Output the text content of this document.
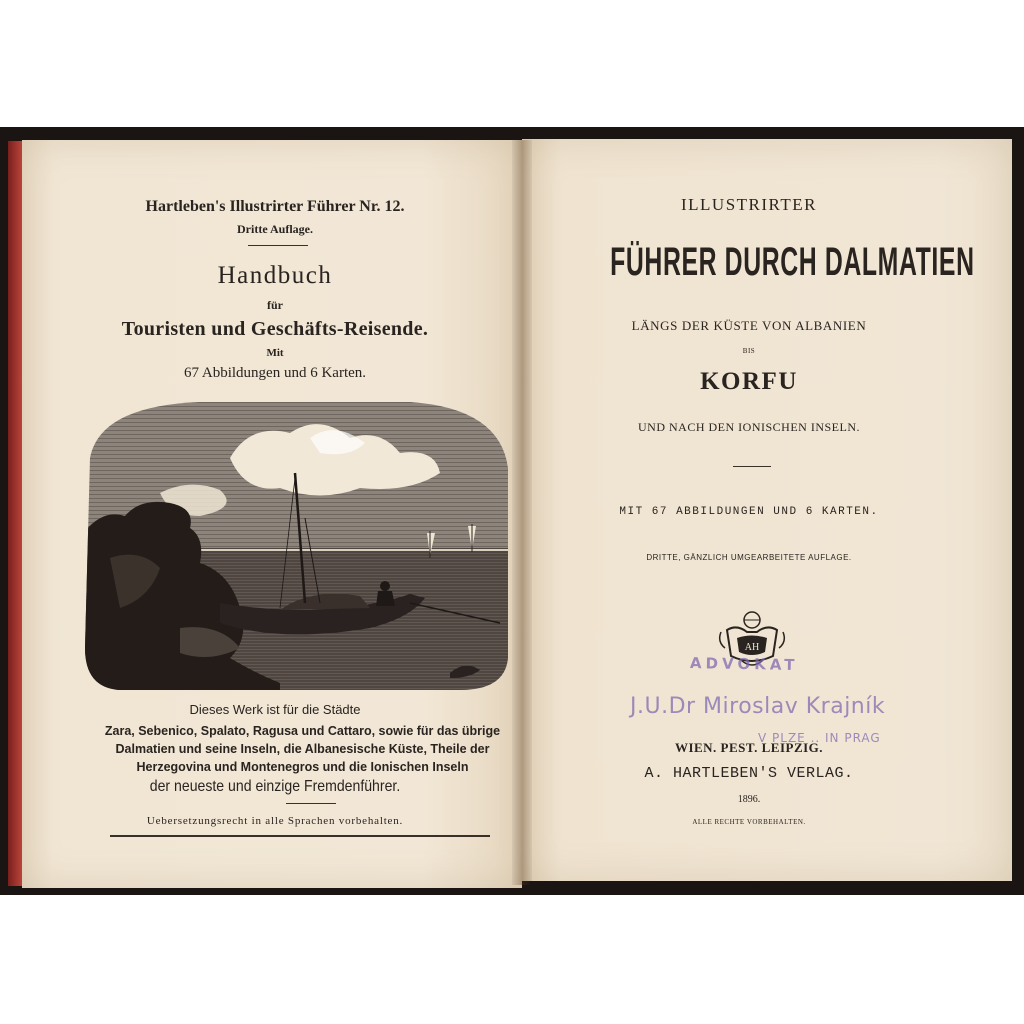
Hartleben's Illustrirter Führer Nr. 12.
Dritte Auflage.
Handbuch
für
Touristen und Geschäfts-Reisende.
Mit
67 Abbildungen und 6 Karten.
Dieses Werk ist für die Städte
Zara, Sebenico, Spalato, Ragusa und Cattaro, sowie für das übrige Dalmatien und seine Inseln, die Albanesische Küste, Theile der Herzegovina und Montenegros und die Ionischen Inseln
der neueste und einzige Fremdenführer.
Uebersetzungsrecht in alle Sprachen vorbehalten.
ILLUSTRIRTER
FÜHRER DURCH DALMATIEN
LÄNGS DER KÜSTE VON ALBANIEN
BIS
KORFU
UND NACH DEN IONISCHEN INSELN.
MIT 67 ABBILDUNGEN UND 6 KARTEN.
DRITTE, GÄNZLICH UMGEARBEITETE AUFLAGE.
AH
ADVOKAT
J.U.Dr Miroslav Krajník
V PLZE .. IN PRAG
WIEN. PEST. LEIPZIG.
A. HARTLEBEN'S VERLAG.
1896.
ALLE RECHTE VORBEHALTEN.
